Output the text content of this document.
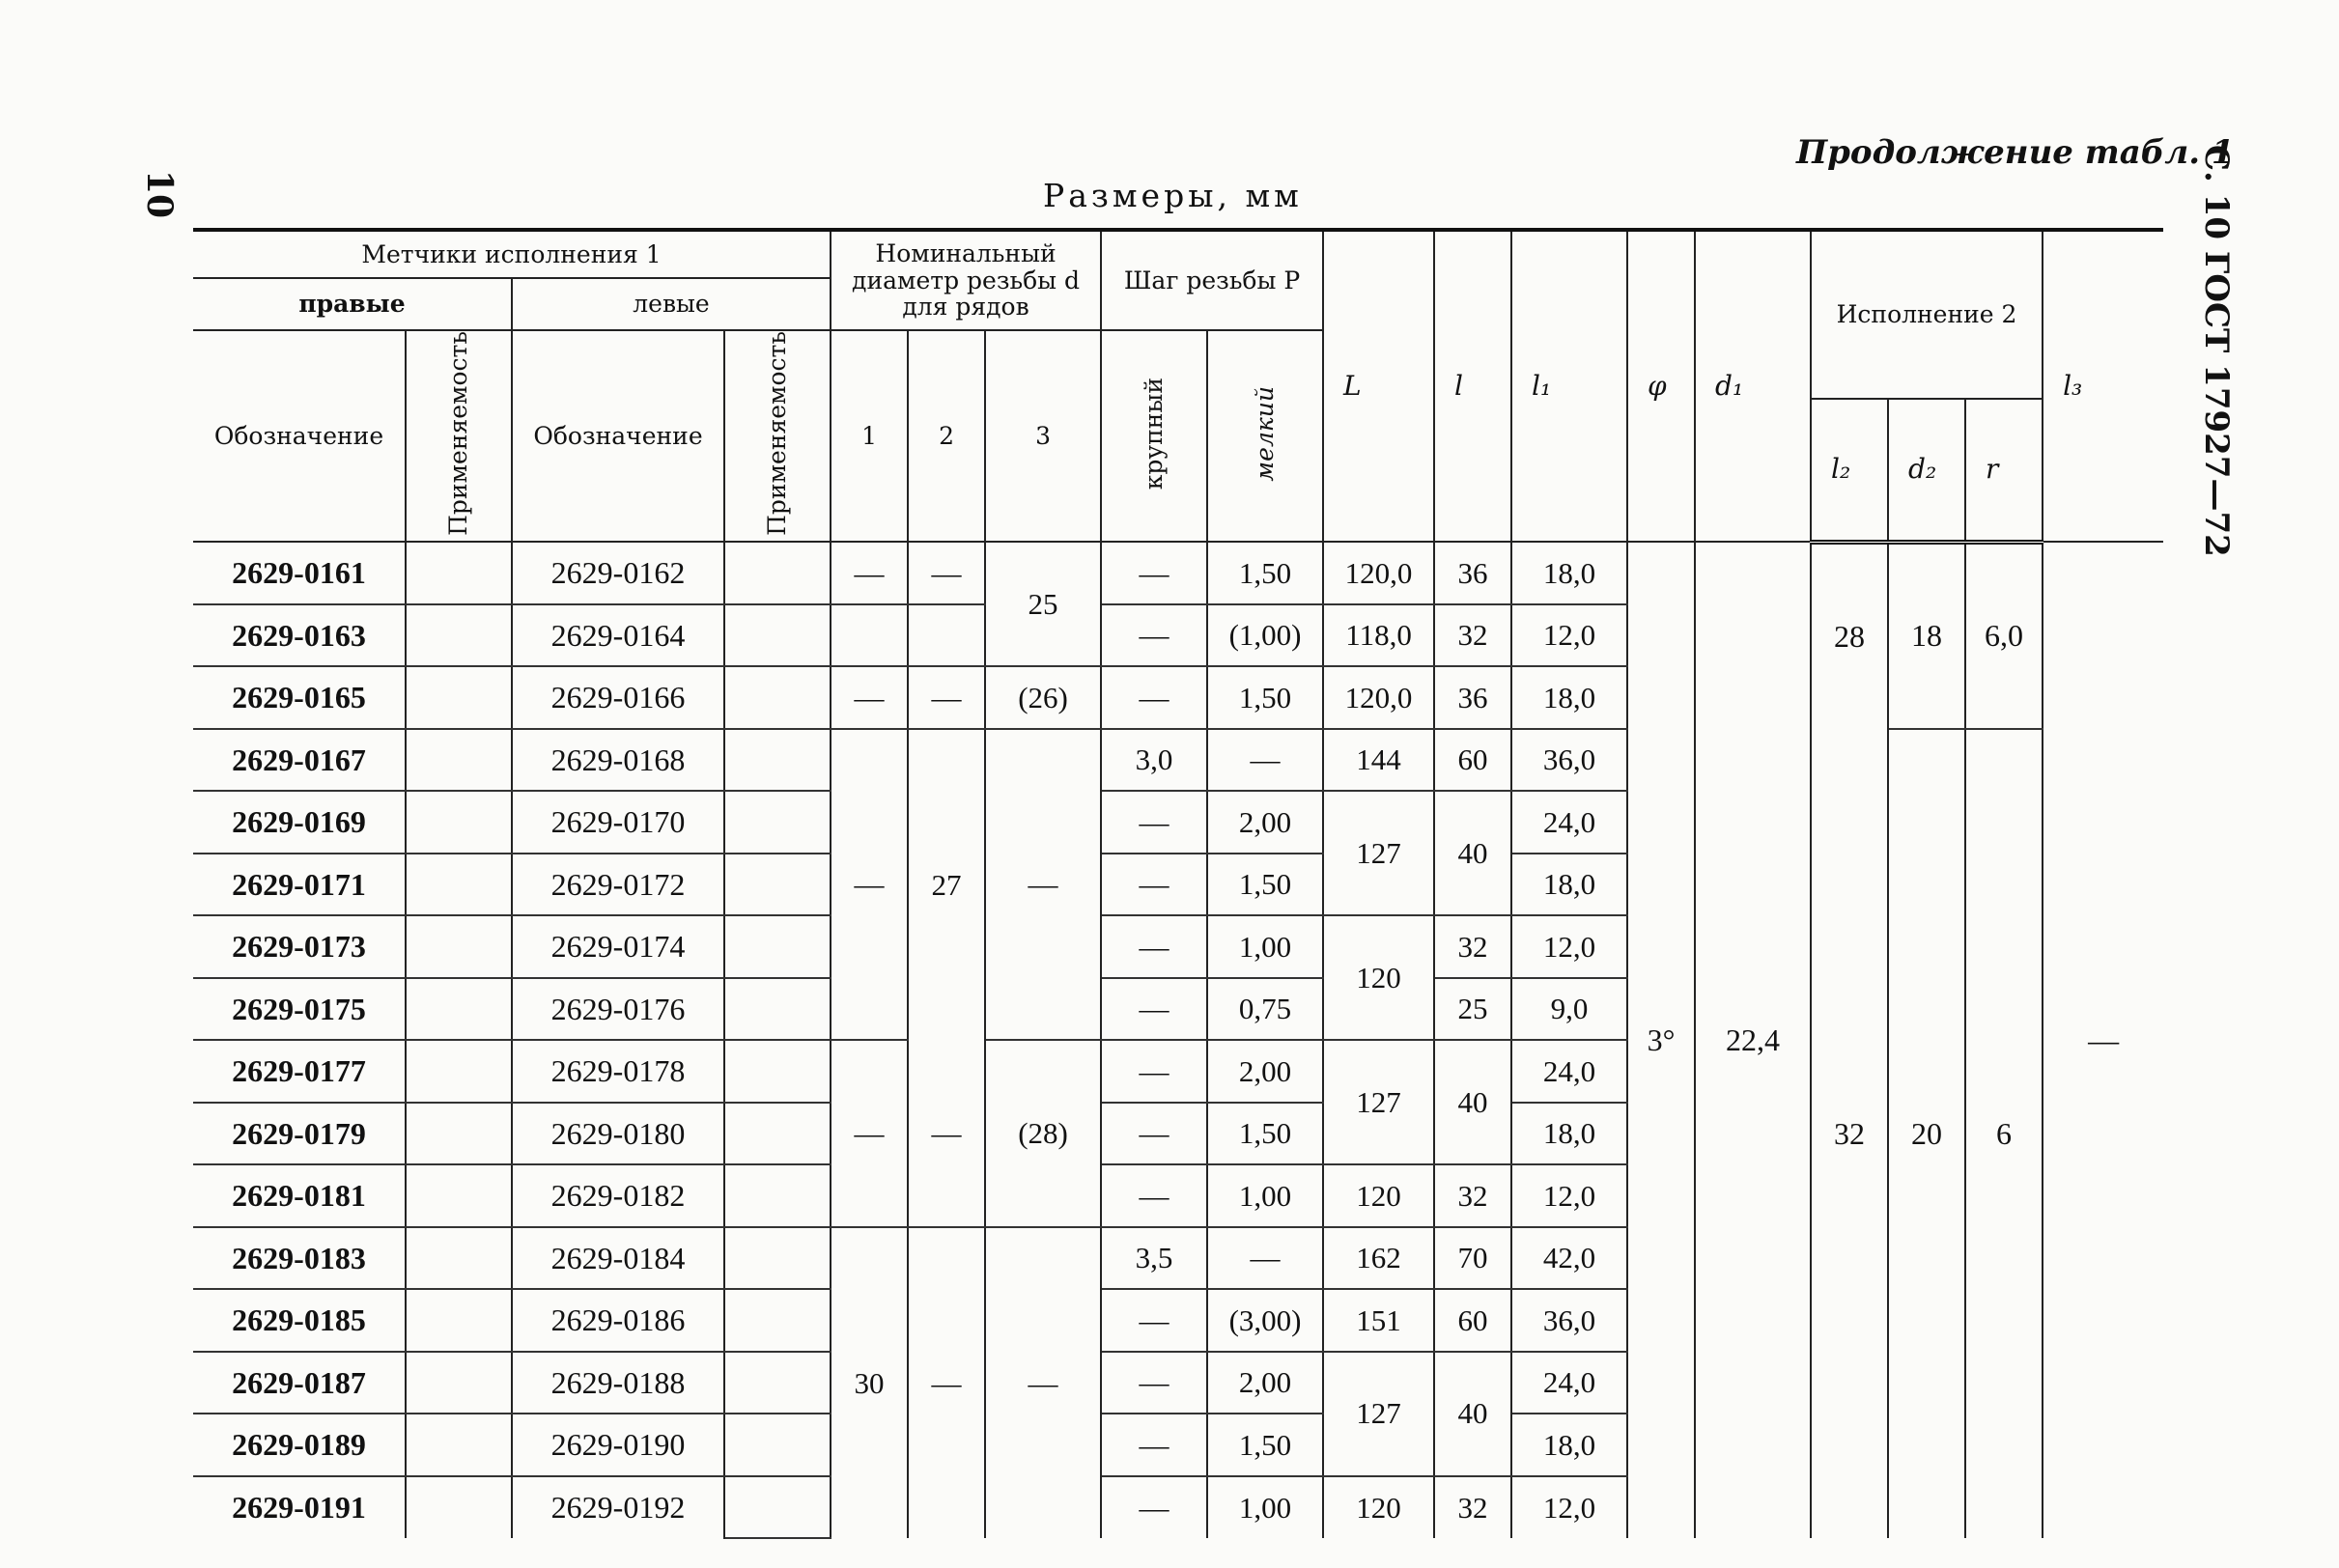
10	С. 10 ГОСТ 17927—72
Продолжение табл. 1
Размеры, мм
Метчики исполнения 1				Номинальный диаметр резьбы d для рядов			Шаг резьбы P		L	l	l₁	φ	d₁	Исполнение 2			l₃
правые		левые															
Обозначение	Применяемость	Обозначение	Применяемость	1	2	3	крупный	мелкий									
														l₂	d₂	r	
2629-0161		2629-0162		—	—	25	—	1,50	120,0	36	18,0	3°	22,4	28	18	6,0	—
2629-0163		2629-0164					—	(1,00)	118,0	32	12,0						
2629-0165		2629-0166		—	—	(26)	—	1,50	120,0	36	18,0						
2629-0167		2629-0168		—	27	—	3,0	—	144	60	36,0			32	20	6	
2629-0169		2629-0170					—	2,00	127	40	24,0						
2629-0171		2629-0172					—	1,50			18,0						
2629-0173		2629-0174					—	1,00	120	32	12,0						
2629-0175		2629-0176					—	0,75		25	9,0						
2629-0177		2629-0178		—	—	(28)	—	2,00	127	40	24,0						
2629-0179		2629-0180					—	1,50			18,0						
2629-0181		2629-0182					—	1,00	120	32	12,0						
2629-0183		2629-0184		30	—	—	3,5	—	162	70	42,0						
2629-0185		2629-0186					—	(3,00)	151	60	36,0						
2629-0187		2629-0188					—	2,00	127	40	24,0						
2629-0189		2629-0190					—	1,50			18,0						
2629-0191		2629-0192					—	1,00	120	32	12,0						
